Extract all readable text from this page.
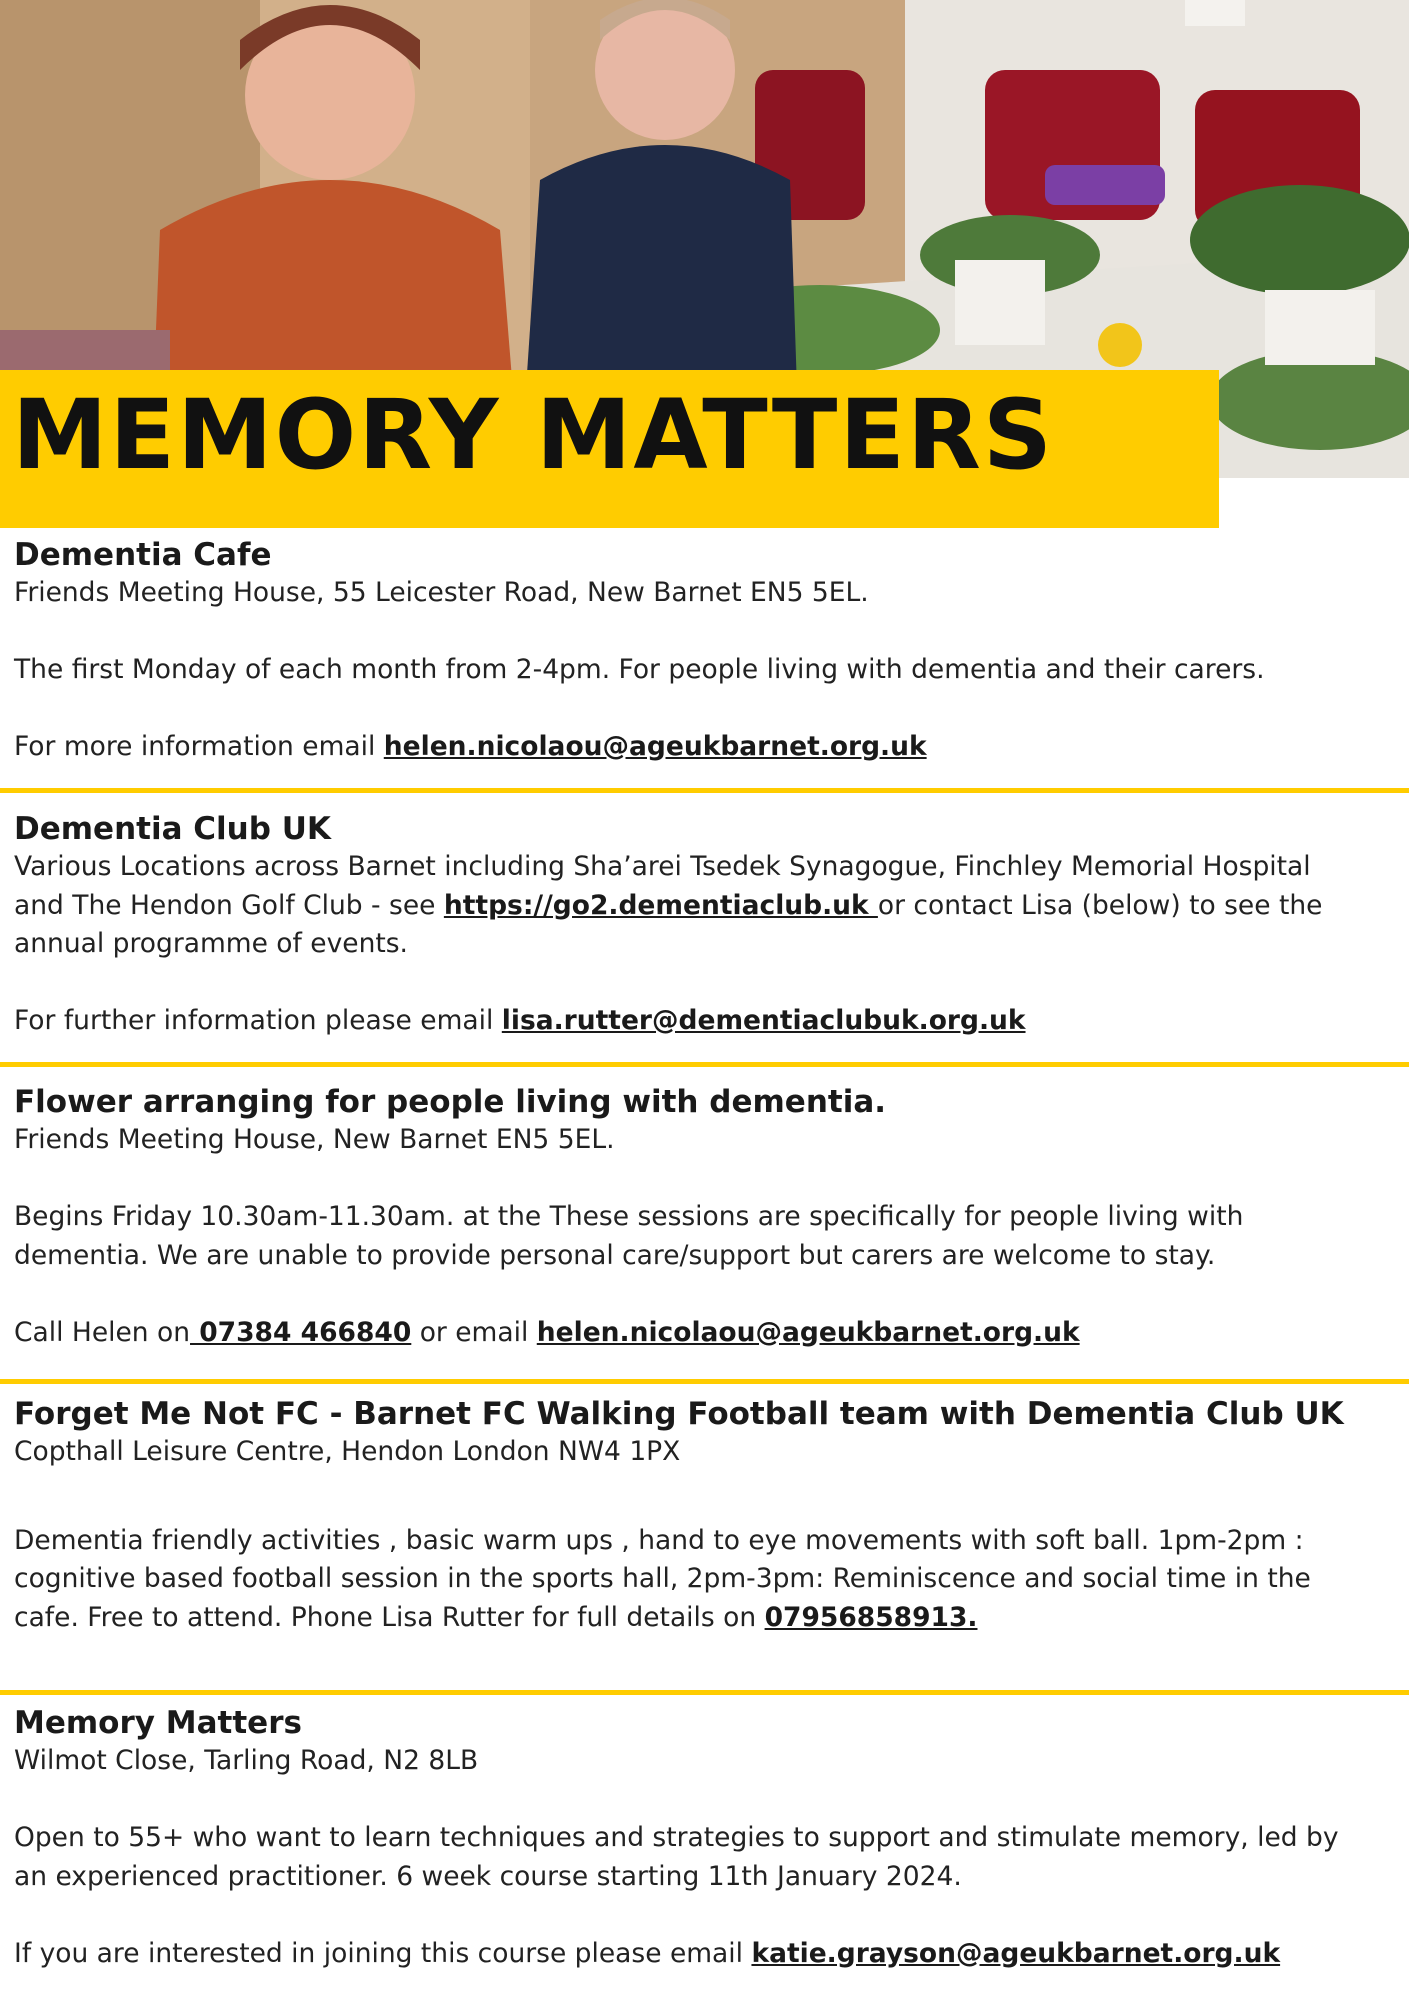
MEMORY MATTERS

Dementia Cafe

Friends Meeting House, 55 Leicester Road, New Barnet EN5 5EL.

The first Monday of each month from 2-4pm. For people living with dementia and their carers.

For more information email helen.nicolaou@ageukbarnet.org.uk

Dementia Club UK

Various Locations across Barnet including Sha’arei Tsedek Synagogue, Finchley Memorial Hospital

and The Hendon Golf Club - see https://go2.dementiaclub.uk or contact Lisa (below) to see the

annual programme of events.

For further information please email lisa.rutter@dementiaclubuk.org.uk

Flower arranging for people living with dementia.

Friends Meeting House, New Barnet EN5 5EL.

Begins Friday 10.30am-11.30am. at the These sessions are specifically for people living with

dementia. We are unable to provide personal care/support but carers are welcome to stay.

Call Helen on 07384 466840 or email helen.nicolaou@ageukbarnet.org.uk

Forget Me Not FC - Barnet FC Walking Football team with Dementia Club UK

Copthall Leisure Centre, Hendon London NW4 1PX

Dementia friendly activities , basic warm ups , hand to eye movements with soft ball. 1pm-2pm :

cognitive based football session in the sports hall, 2pm-3pm: Reminiscence and social time in the

cafe. Free to attend. Phone Lisa Rutter for full details on 07956858913.

Memory Matters

Wilmot Close, Tarling Road, N2 8LB

Open to 55+ who want to learn techniques and strategies to support and stimulate memory, led by

an experienced practitioner. 6 week course starting 11th January 2024.

If you are interested in joining this course please email katie.grayson@ageukbarnet.org.uk
